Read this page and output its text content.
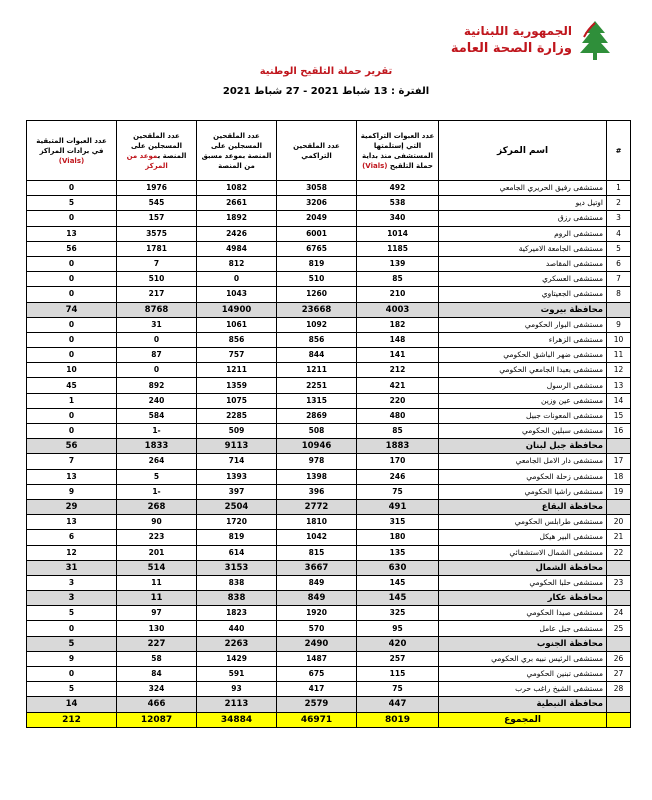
الجمهورية اللبنانية
وزارة الصحة العامة
تقرير حملة التلقيح الوطنية
الفترة : 13 شباط 2021 - 27 شباط 2021
#	اسم المركز	عدد العبوات التراكمية التي إستلمتها المستشفى منذ بداية حملة التلقيح (Vials)	عدد الملقحين التراكمي	عدد الملقحين المسجلين على المنصة بموعد مسبق من المنصة	عدد الملقحين المسجلين على المنصة بموعد من المركز	عدد العبوات المتبقية في برادات المراكز (Vials)
1	مستشفى رفيق الحريري الجامعي	492	3058	1082	1976	0
2	اوتيل ديو	538	3206	2661	545	5
3	مستشفى رزق	340	2049	1892	157	0
4	مستشفى الروم	1014	6001	2426	3575	13
5	مستشفى الجامعة الاميركية	1185	6765	4984	1781	56
6	مستشفى المقاصد	139	819	812	7	0
7	مستشفى العسكري	85	510	0	510	0
8	مستشفى الجعيتاوي	210	1260	1043	217	0
	محافظة بيروت	4003	23668	14900	8768	74
9	مستشفى البوار الحكومي	182	1092	1061	31	0
10	مستشفى الزهراء	148	856	856	0	0
11	مستشفى ضهر الباشق الحكومي	141	844	757	87	0
12	مستشفى بعبدا الجامعي الحكومي	212	1211	1211	0	10
13	مستشفى الرسول	421	2251	1359	892	45
14	مستشفى عين وزين	220	1315	1075	240	1
15	مستشفى المعونات جبيل	480	2869	2285	584	0
16	مستشفى سبلين الحكومي	85	508	509	-1	0
	محافظة جبل لبنان	1883	10946	9113	1833	56
17	مستشفى دار الامل الجامعي	170	978	714	264	7
18	مستشفى زحلة الحكومي	246	1398	1393	5	13
19	مستشفى راشيا الحكومي	75	396	397	-1	9
	محافظة البقاع	491	2772	2504	268	29
20	مستشفى طرابلس الحكومي	315	1810	1720	90	13
21	مستشفى البير هيكل	180	1042	819	223	6
22	مستشفى الشمال الاستشفائي	135	815	614	201	12
	محافظة الشمال	630	3667	3153	514	31
23	مستشفى حلبا الحكومي	145	849	838	11	3
	محافظة عكار	145	849	838	11	3
24	مستشفى صيدا الحكومي	325	1920	1823	97	5
25	مستشفى جبل عامل	95	570	440	130	0
	محافظة الجنوب	420	2490	2263	227	5
26	مستشفى الرئيس نبيه بري الحكومي	257	1487	1429	58	9
27	مستشفى تبنين الحكومي	115	675	591	84	0
28	مستشفى الشيخ راغب حرب	75	417	93	324	5
	محافظة النبطية	447	2579	2113	466	14
	المجموع	8019	46971	34884	12087	212
